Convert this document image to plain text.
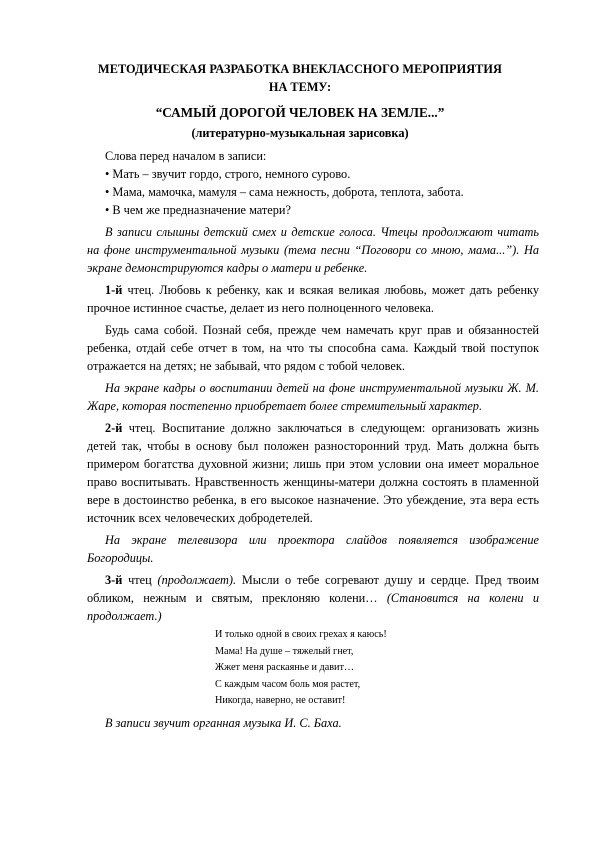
МЕТОДИЧЕСКАЯ РАЗРАБОТКА ВНЕКЛАССНОГО МЕРОПРИЯТИЯ
НА ТЕМУ:
“САМЫЙ ДОРОГОЙ ЧЕЛОВЕК НА ЗЕМЛЕ...”
(литературно-музыкальная зарисовка)

Слова перед началом в записи:

• Мать – звучит гордо, строго, немного сурово.

• Мама, мамочка, мамуля – сама нежность, доброта, теплота, забота.

• В чем же предназначение матери?

В записи слышны детский смех и детские голоса. Чтецы продолжают читать на фоне инструментальной музыки (тема песни “Поговори со мною, мама...”). На экране демонстрируются кадры о матери и ребенке.

1-й чтец. Любовь к ребенку, как и всякая великая любовь, может дать ребенку прочное истинное счастье, делает из него полноценного человека.

Будь сама собой. Познай себя, прежде чем намечать круг прав и обязанностей ребенка, отдай себе отчет в том, на что ты способна сама. Каждый твой поступок отражается на детях; не забывай, что рядом с тобой человек.

На экране кадры о воспитании детей на фоне инструментальной музыки Ж. М. Жаре, которая постепенно приобретает более стремительный характер.

2-й чтец. Воспитание должно заключаться в следующем: организовать жизнь детей так, чтобы в основу был положен разносторонний труд. Мать должна быть примером богатства духовной жизни; лишь при этом условии она имеет моральное право воспитывать. Нравственность женщины-матери должна состоять в пламенной вере в достоинство ребенка, в его высокое назначение. Это убеждение, эта вера есть источник всех человеческих добродетелей.

На экране телевизора или проектора слайдов появляется изображение Богородицы.

3-й чтец (продолжает). Мысли о тебе согревают душу и сердце. Пред твоим обликом, нежным и святым, преклоняю колени… (Становится на колени и продолжает.)

И только одной в своих грехах я каюсь!
Мама! На душе – тяжелый гнет,
Жжет меня раскаянье и давит…
С каждым часом боль моя растет,
Никогда, наверно, не оставит!

В записи звучит органная музыка И. С. Баха.
